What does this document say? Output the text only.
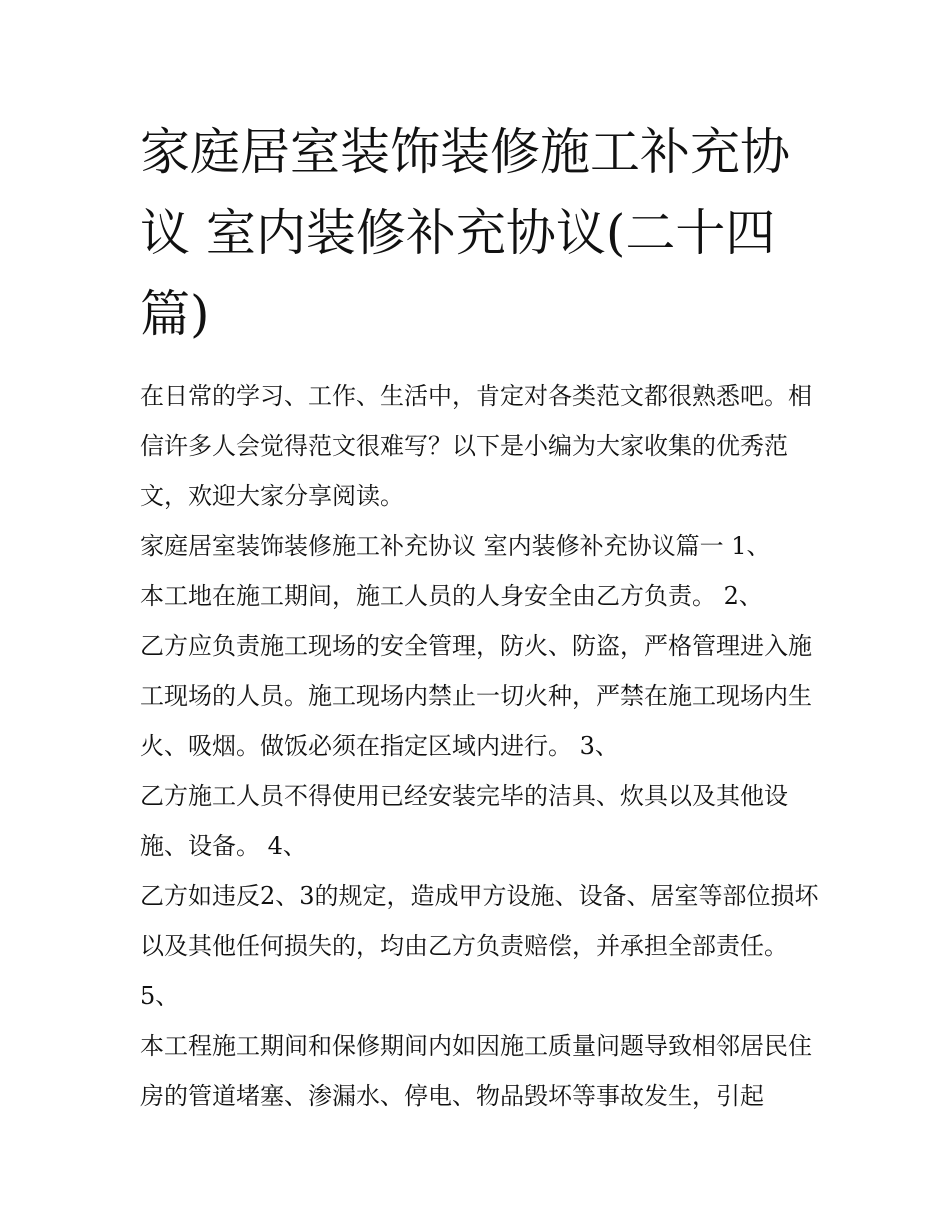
家庭居室装饰装修施工补充协议 室内装修补充协议(二十四篇)

在日常的学习、工作、生活中，肯定对各类范文都很熟悉吧。相信许多人会觉得范文很难写？以下是小编为大家收集的优秀范文，欢迎大家分享阅读。

家庭居室装饰装修施工补充协议 室内装修补充协议篇一 1、

本工地在施工期间，施工人员的人身安全由乙方负责。 2、

乙方应负责施工现场的安全管理，防火、防盗，严格管理进入施工现场的人员。施工现场内禁止一切火种，严禁在施工现场内生火、吸烟。做饭必须在指定区域内进行。 3、

乙方施工人员不得使用已经安装完毕的洁具、炊具以及其他设施、设备。 4、

乙方如违反2、3的规定，造成甲方设施、设备、居室等部位损坏以及其他任何损失的，均由乙方负责赔偿，并承担全部责任。 5、

本工程施工期间和保修期间内如因施工质量问题导致相邻居民住房的管道堵塞、渗漏水、停电、物品毁坏等事故发生，引起
